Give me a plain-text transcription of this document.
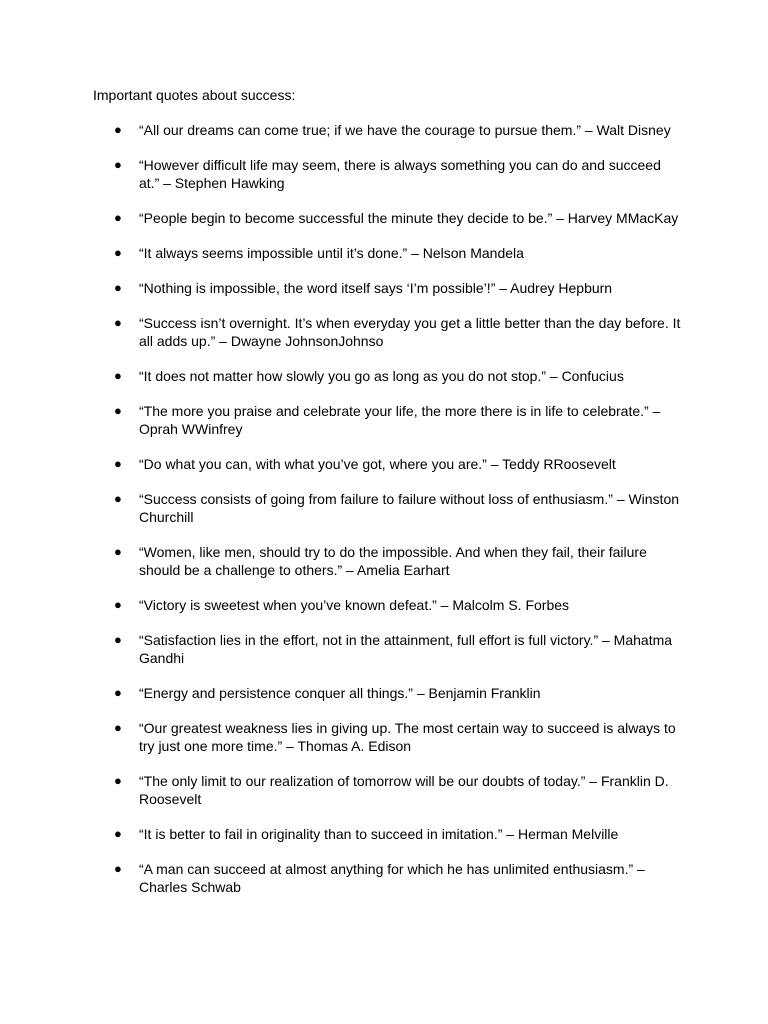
Important quotes about success:

● “All our dreams can come true; if we have the courage to pursue them.” – Walt Disney
● “However difficult life may seem, there is always something you can do and succeed at.” – Stephen Hawking
● “People begin to become successful the minute they decide to be.” – Harvey MMacKay
● “It always seems impossible until it’s done.” – Nelson Mandela
● “Nothing is impossible, the word itself says ‘I’m possible’!” – Audrey Hepburn
● “Success isn’t overnight. It’s when everyday you get a little better than the day before. It all adds up.” – Dwayne JohnsonJohnso
● “It does not matter how slowly you go as long as you do not stop.” – Confucius
● “The more you praise and celebrate your life, the more there is in life to celebrate.” – Oprah WWinfrey
● “Do what you can, with what you’ve got, where you are.” – Teddy RRoosevelt
● “Success consists of going from failure to failure without loss of enthusiasm.” – Winston Churchill
● “Women, like men, should try to do the impossible. And when they fail, their failure should be a challenge to others.” – Amelia Earhart
● “Victory is sweetest when you’ve known defeat.” – Malcolm S. Forbes
● “Satisfaction lies in the effort, not in the attainment, full effort is full victory.” – Mahatma Gandhi
● “Energy and persistence conquer all things.” – Benjamin Franklin
● “Our greatest weakness lies in giving up. The most certain way to succeed is always to try just one more time.” – Thomas A. Edison
● “The only limit to our realization of tomorrow will be our doubts of today.” – Franklin D. Roosevelt
● “It is better to fail in originality than to succeed in imitation.” – Herman Melville
● “A man can succeed at almost anything for which he has unlimited enthusiasm.” – Charles Schwab
